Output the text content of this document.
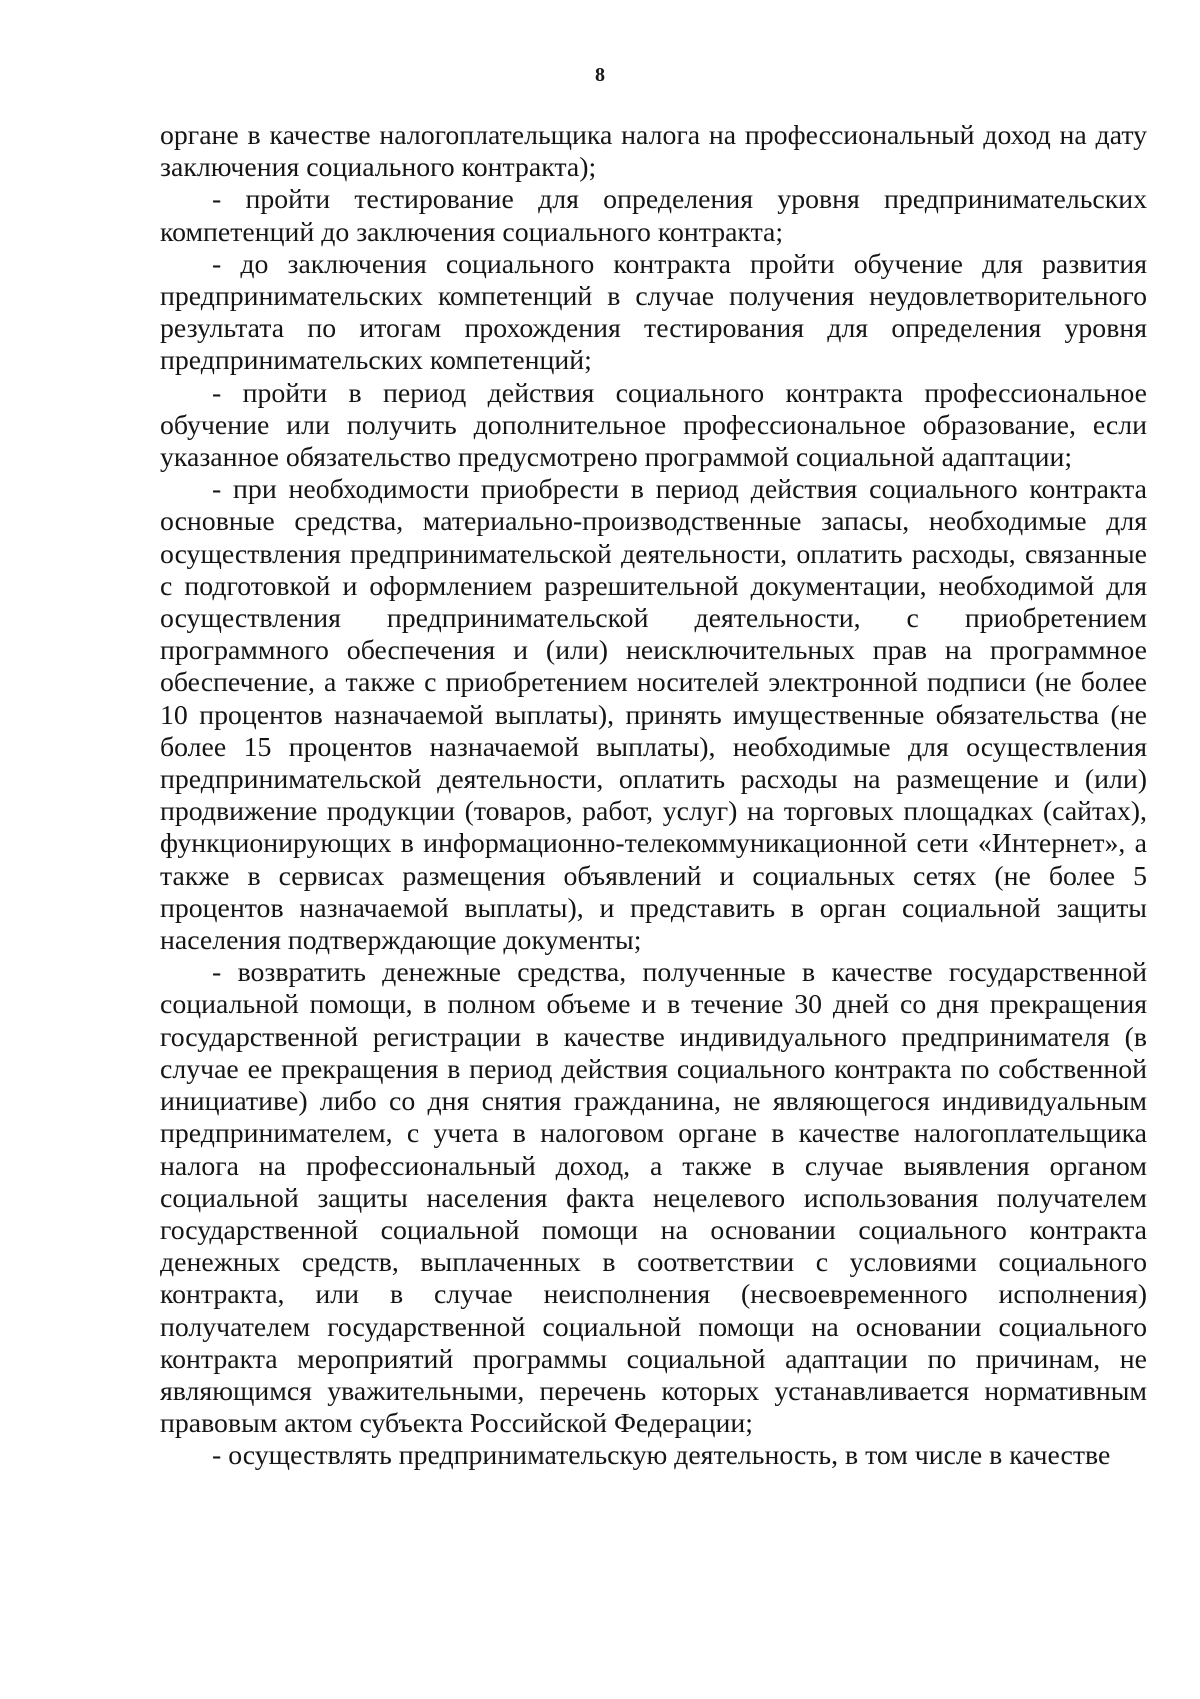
8

органе в качестве налогоплательщика налога на профессиональный доход на дату заключения социального контракта);

- пройти тестирование для определения уровня предпринимательских компетенций до заключения социального контракта;

- до заключения социального контракта пройти обучение для развития предпринимательских компетенций в случае получения неудовлетворительного результата по итогам прохождения тестирования для определения уровня предпринимательских компетенций;

- пройти в период действия социального контракта профессиональное обучение или получить дополнительное профессиональное образование, если указанное обязательство предусмотрено программой социальной адаптации;

- при необходимости приобрести в период действия социального контракта основные средства, материально-производственные запасы, необходимые для осуществления предпринимательской деятельности, оплатить расходы, связанные с подготовкой и оформлением разрешительной документации, необходимой для осуществления предпринимательской деятельности, с приобретением программного обеспечения и (или) неисключительных прав на программное обеспечение, а также с приобретением носителей электронной подписи (не более 10 процентов назначаемой выплаты), принять имущественные обязательства (не более 15 процентов назначаемой выплаты), необходимые для осуществления предпринимательской деятельности, оплатить расходы на размещение и (или) продвижение продукции (товаров, работ, услуг) на торговых площадках (сайтах), функционирующих в информационно-телекоммуникационной сети «Интернет», а также в сервисах размещения объявлений и социальных сетях (не более 5 процентов назначаемой выплаты), и представить в орган социальной защиты населения подтверждающие документы;

- возвратить денежные средства, полученные в качестве государственной социальной помощи, в полном объеме и в течение 30 дней со дня прекращения государственной регистрации в качестве индивидуального предпринимателя (в случае ее прекращения в период действия социального контракта по собственной инициативе) либо со дня снятия гражданина, не являющегося индивидуальным предпринимателем, с учета в налоговом органе в качестве налогоплательщика налога на профессиональный доход, а также в случае выявления органом социальной защиты населения факта нецелевого использования получателем государственной социальной помощи на основании социального контракта денежных средств, выплаченных в соответствии с условиями социального контракта, или в случае неисполнения (несвоевременного исполнения) получателем государственной социальной помощи на основании социального контракта мероприятий программы социальной адаптации по причинам, не являющимся уважительными, перечень которых устанавливается нормативным правовым актом субъекта Российской Федерации;

- осуществлять предпринимательскую деятельность, в том числе в качестве
